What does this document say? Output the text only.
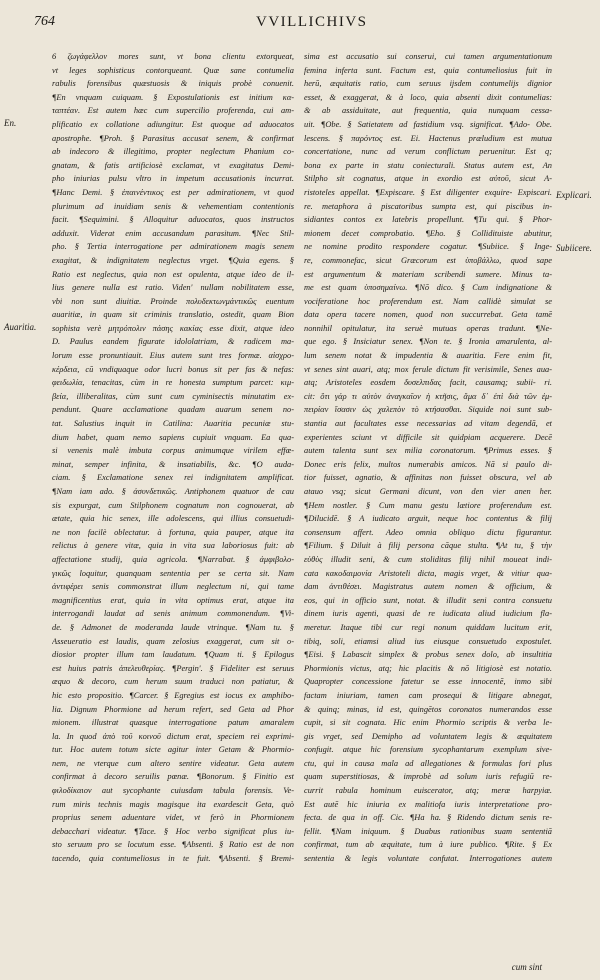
764	VVILLICHIVS
En.
Auaritia.
Explicari.
Subiicere.
6 ζωγάφελλον mores sunt, vt bona clientu extorqueat,
vt leges sophisticus contorqueant. Quæ sane contumelia
rabulis forensibus quæstuosis & iniquis probè conuenit.
¶En vnquam cuiquam. § Expostulationis est initium κα-
ταπτέαν. Est autem hæc cum supercilio proferenda, cui am-
plificatio ex collatione adiungitur. Est quoque ad aduocatos
apostrophe. ¶Proh. § Parasitus accusat senem, & confirmat
ab indecoro & illegitimo, propter neglectum Phanium co-
gnatam, & fatis artificiosè exclamat, vt exagitatus Demi-
pho iniurias pulsu vltro in impetum accusationis incurrat.
¶Hanc Demi. § ἐπαινέντικος est per admirationem, vt quod
plurimum ad inuidiam senis & vehementiam contentionis
facit. ¶Sequimini. § Alloquitur aduocatos, quos instructos
adduxit. Viderat enim accusandum parasitum. ¶Nec Stil-
pho. § Tertia interrogatione per admirationem magis senem
exagitat, & indignitatem neglectus vrget. ¶Quia egens. §
Ratio est neglectus, quia non est opulenta, atque ideo de il-
lius genere nulla est ratio. Viden' nullam nobilitatem esse,
vbi non sunt diuitiæ. Proinde πολυδεκτωνμάντικῶς euentum
auaritiæ, in quam sit criminis translatio, ostedit, quam Bion
sophista verè μητρόπολιν πάσης κακίας esse dixit, atque ideo
D. Paulus eandem figurate idololatriam, & radicem ma-
lorum esse pronuntiauit. Eius autem sunt tres formæ. αἰσχρο-
κέρδεια, cū vndiquaque odor lucri bonus sit per fas & nefas:
φειδωλία, tenacitas, cùm in re honesta sumptum parcet: κιμ-
βεία, illiberalitas, cùm sunt cum cyminisectis minutatim ex-
pendunt. Quare acclamatione quadam auarum senem no-
tat. Salustius inquit in Catilina: Auaritia pecuniæ stu-
dium habet, quam nemo sapiens cupiuit vnquam. Ea qua-
si venenis malè imbuta corpus animumque virilem effœ-
minat, semper infinita, & insatiabilis, &c. ¶O auda-
ciam. § Exclamatione senex rei indignitatem amplificat.
¶Nam iam ado. § ἀσυνδετικῶς. Antiphonem quatuor de cau
sis expurgat, cum Stilphonem cognatum non cognouerat, ab
ætate, quia hic senex, ille adolescens, qui illius consuetudi-
ne non facilè oblectatur. à fortuna, quia pauper, atque ita
relictus à genere vitæ, quia in vita sua laboriosus fuit: ab
affectatione studij, quia agricola. ¶Narrabat. § ἀμφιβολο-
γικῶς loquitur, quanquam sententia per se certa sit. Nam
ἀντιφέρει senis commonstrat illum neglectum ni, qui tame
magnificentius erat, quia in vita optimus erat, atque ita
interrogandi laudat ad senis animum commonendum. ¶Vi-
de. § Admonet de moderanda laude vtrinque. ¶Nam tu. §
Asseueratio est laudis, quam zelosius exaggerat, cum sit o-
diosior propter illum tam laudatum. ¶Quam ti. § Epilogus
est huius patris ἀπελευθερίας. ¶Pergin'. § Fideliter est seruus
æquo & decoro, cum herum suum traduci non patiatur, &
hic esto propositio. ¶Carcer. § Egregius est iocus ex amphibo-
lia. Dignum Phormione ad herum refert, sed Geta ad Phor
mionem. illustrat quasque interrogatione patum amaralem
la. In quod ἀπὸ τοῦ κοινοῦ dictum erat, speciem rei exprimi-
tur. Hoc autem totum sicte agitur inter Getam & Phormio-
nem, ne vterque cum altero sentire videatur. Geta autem
confirmat à decoro seruilis pœnæ. ¶Bonorum. § Finitio est
φιλοδίκαιον aut sycophante cuiusdam tabula forensis. Ve-
rum miris technis magis magisque ita exardescit Geta, quò
proprius senem aduentare videt, vt ferò in Phormionem
debacchari videatur. ¶Tace. § Hoc verbo significat plus iu-
sto seruum pro se locutum esse. ¶Absenti. § Ratio est de non
tacendo, quia contumeliosus in te fuit. ¶Absenti. § Bremi-
sima est accusatio sui conserui, cui tamen argumentationum
femina inferta sunt. Factum est, quia contumeliosius fuit in
herū, æquitatis ratio, cum seruus ijsdem contumelijs dignior
esset, & exaggerat, & à loco, quia absenti dixit contumelias:
& ab assiduitate, aut frequentia, quia nunquam cessa-
uit. ¶Obe. § Satietatem ad fastidium vsq. significat. ¶Ado- Obe.
lescens. § παρόντος est. Ei. Hactenus præludium est mutua
concertatione, nunc ad verum conflictum peruenitur. Est q;
bona ex parte in statu coniecturali. Status autem est, An
Stilpho sit cognatus, atque in exordio est αὐτοῦ, sicut A-
ristoteles appellat. ¶Expiscare. § Est diligenter exquire- Expiscari.
re. metaphora à piscatoribus sumpta est, qui piscibus in-
sidiantes contos ex latebris propellunt. ¶Tu qui. § Phor-
mionem decet comprobatio. ¶Eho. § Collidituiste abutitur,
ne nomine prodito respondere cogatur. ¶Subiice. § Inge-
re, commonefac, sicut Græcorum est ὑποβάλλω, quod sape
est argumentum & materiam scribendi sumere. Minus ta-
me est quam ὑποσημαίνω. ¶Nō dico. § Cum indignatione &
vociferatione hoc proferendum est. Nam callidè simulat se
data opera tacere nomen, quod non succurrebat. Geta tamē
nonnihil opitulatur, ita seruè mutuas operas tradunt. ¶Ne-
que ego. § Insiciatur senex. ¶Non te. § Ironia amarulenta, al-
lum senem notat & impudentia & auaritia. Fere enim fit,
vt senes sint auari, atq; mox ferule dictum fit verisimile, Senes aua-
atq; Aristoteles eosdem δυσελπιδας facit, causamq; subii- ri.
cit: ὅτι γάρ τι αὐτὸν ἀναγκαῖον ἡ κτῆσις, ἅμα δ᾽ ἐπὶ διὰ τῶν ἐμ-
πειρίαν ἴσασιν ὡς χαλεπὸν τὸ κτήσασθαι. Siquide noi sunt sub-
stantia aut facultates esse necessarias ad vitam degendā, et
experientes sciunt vt difficile sit quidpiam acquerere. Decē
autem talenta sunt sex milia coronatorum. ¶Primus esses. §
Donec eris felix, multos numerabis amicos. Nā si paulo di-
tior fuisset, agnatio, & affinitas non fuisset obscura, vel ab
atauo vsq; sicut Germani dicunt, von den vier anen her.
¶Hem nostler. § Cum manu gestu lætiore proferendum est.
¶Dilucidē. § A iudicato arguit, neque hoc contentus & filij
consensum affert. Adeo omnia obliquo dictu figurantur.
¶Filium. § Diluit à filij persona cāque stulta. ¶At tu, § τὴν
εὐθὺς illudit seni, & cum stoliditas filij nihil moueat indi-
cata κακοδαιμονία Aristoteli dicta, magis vrget, & vitiur qua-
dam ἀντιθέσει. Magistratus autem nomen & officium, &
eos, qui in officio sunt, notat. & illudit seni contra consuetu
dinem iuris agenti, quasi de re iudicata aliud iudicium fla-
meretur. Itaque tibi cur regi nonum quiddam lucitum erit,
tibiq, soli, etiamsi aliud ius eiusque consuetudo expostulet.
¶Eisi. § Labascit simplex & probus senex dolo, ab insultitia
Phormionis victus, atq; hic placitis & nō litigiosè est notatio.
Quapropter concessione fatetur se esse innocentē, inmo sibi
factam iniuriam, tamen cam prosequi & litigare abnegat,
& quinq; minas, id est, quingētos coronatos numerandos esse
cupit, si sit cognata. Hic enim Phormio scriptis & verba le-
gis vrget, sed Demipho ad voluntatem legis & æquitatem
confugit. atque hic forensium sycophantarum exemplum sive-
ctu, qui in causa mala ad allegationes & formulas fori plus
quam superstitiosas, & improbè ad solum iuris refugiū re-
currit rabula hominum euiscerator, atq; meræ harpyiæ.
Est autē hic iniuria ex malitiofa iuris interpretatione pro-
fecta. de qua in off. Cic. ¶Ha ha. § Ridendo dictum senis re-
fellit. ¶Nam iniquum. § Duabus rationibus suam sententiā
confirmat, tum ab æquitate, tum à iure publico. ¶Rite. § Ex
sententia & legis voluntate confutat. Interrogationes autem
cum sint
